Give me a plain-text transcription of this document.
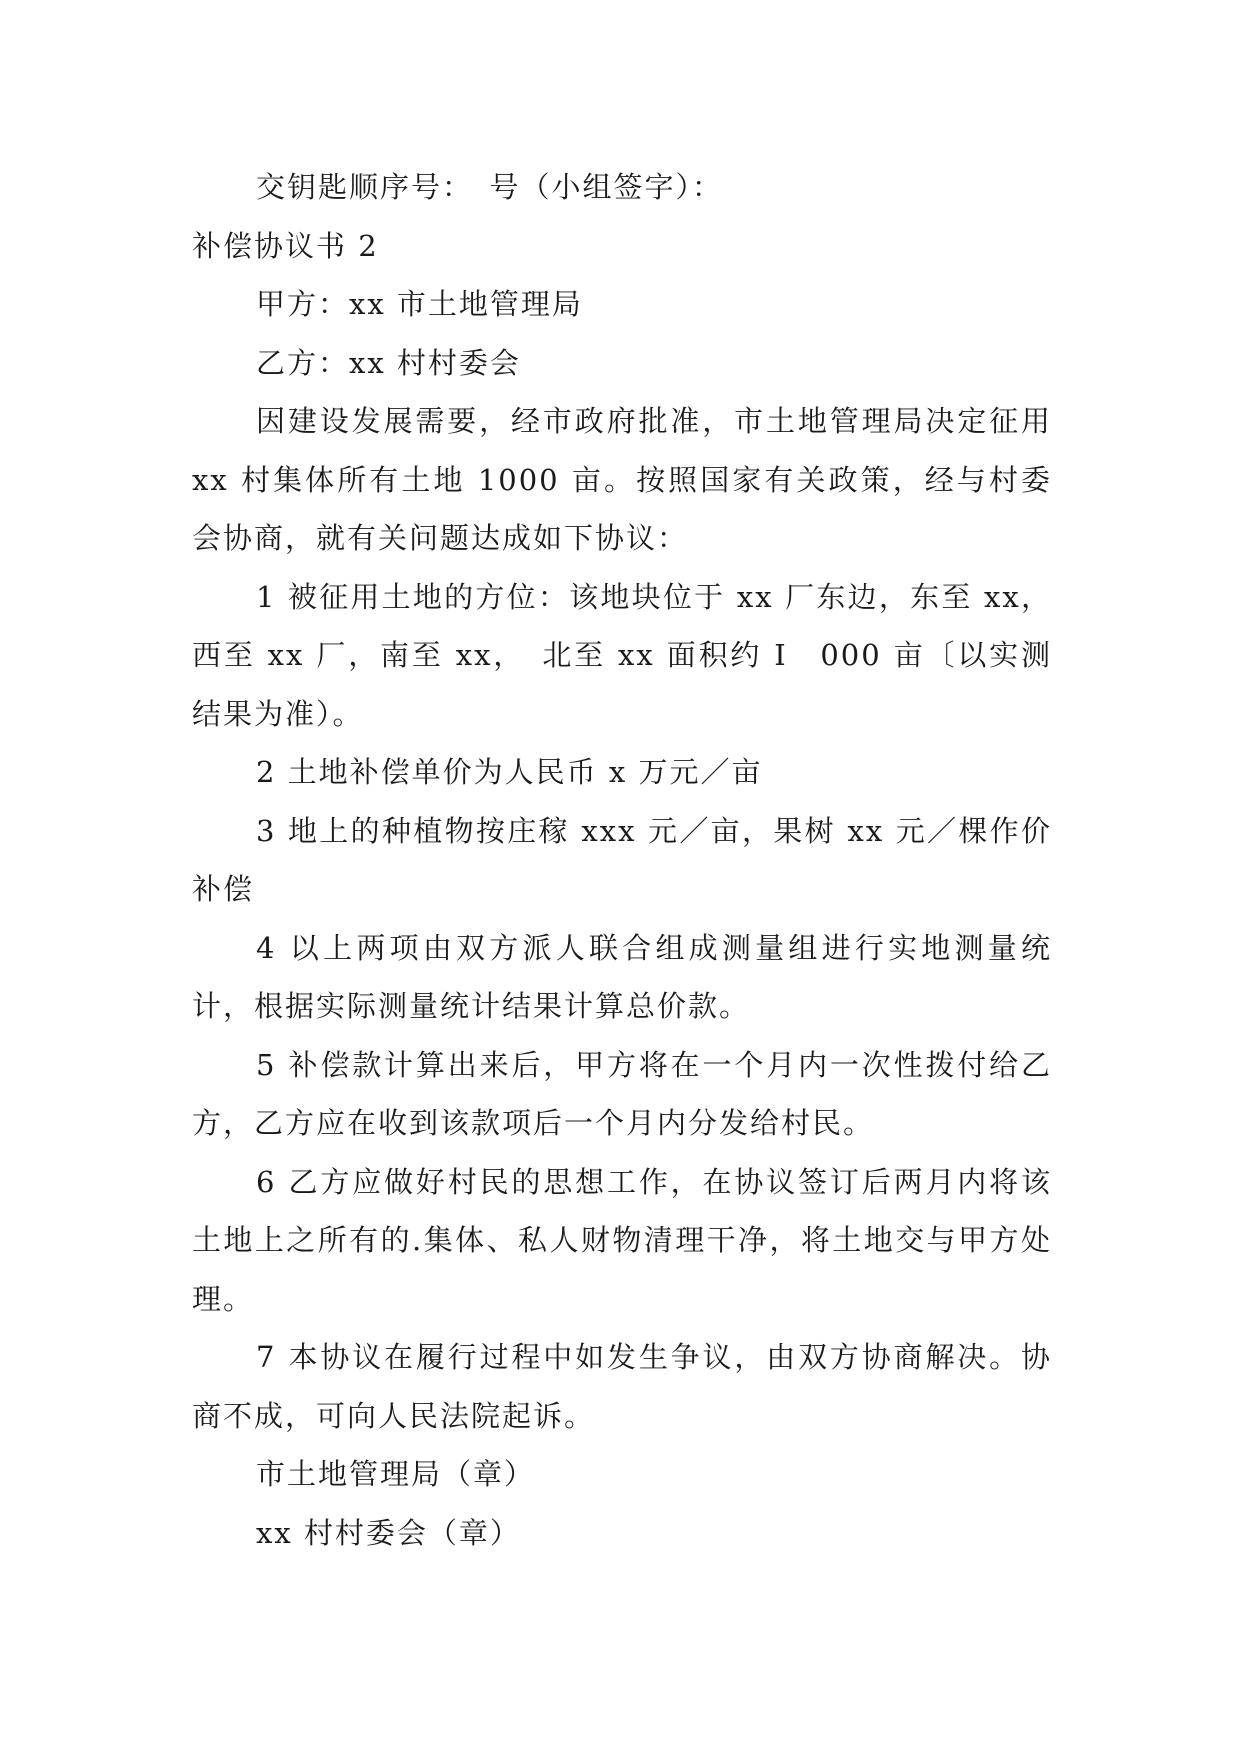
交钥匙顺序号：　号（小组签字）：

补偿协议书 2

甲方：xx 市土地管理局

乙方：xx 村村委会

因建设发展需要，经市政府批准，市土地管理局决定征用 xx 村集体所有土地 1000 亩。按照国家有关政策，经与村委会协商，就有关问题达成如下协议：

1 被征用土地的方位：该地块位于 xx 厂东边，东至 xx，西至 xx 厂，南至 xx，　北至 xx 面积约 I　000 亩〔以实测结果为准）。

2 土地补偿单价为人民币 x 万元／亩

3 地上的种植物按庄稼 xxx 元／亩，果树 xx 元／棵作价补偿

4 以上两项由双方派人联合组成测量组进行实地测量统计，根据实际测量统计结果计算总价款。

5 补偿款计算出来后，甲方将在一个月内一次性拨付给乙方，乙方应在收到该款项后一个月内分发给村民。

6 乙方应做好村民的思想工作，在协议签订后两月内将该土地上之所有的.集体、私人财物清理干净，将土地交与甲方处理。

7 本协议在履行过程中如发生争议，由双方协商解决。协商不成，可向人民法院起诉。

市土地管理局（章）

xx 村村委会（章）
